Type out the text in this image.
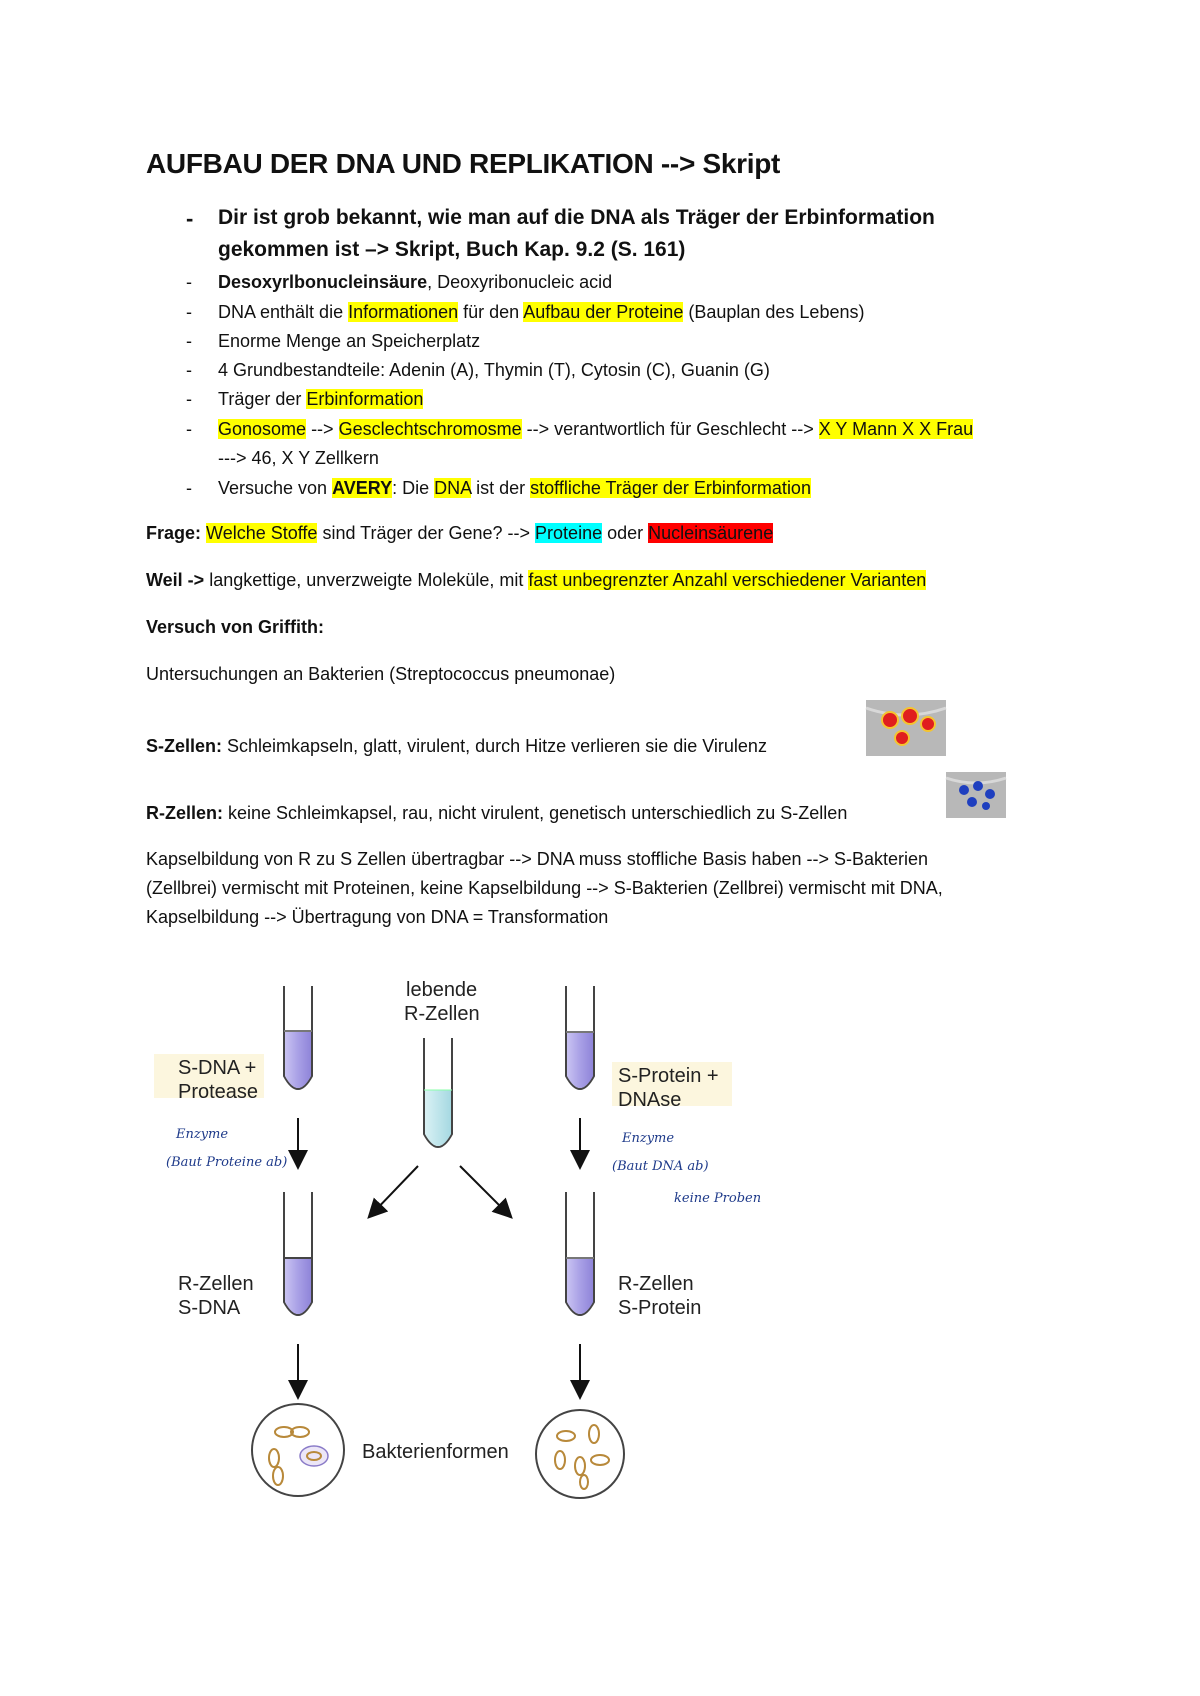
AUFBAU DER DNA UND REPLIKATION --> Skript
- Dir ist grob bekannt, wie man auf die DNA als Träger der Erbinformation
gekommen ist –> Skript, Buch Kap. 9.2 (S. 161)
- Desoxyrlbonucleinsäure, Deoxyribonucleic acid
- DNA enthält die Informationen für den Aufbau der Proteine (Bauplan des Lebens)
- Enorme Menge an Speicherplatz
- 4 Grundbestandteile: Adenin (A), Thymin (T), Cytosin (C), Guanin (G)
- Träger der Erbinformation
- Gonosome --> Gesclechtschromosme --> verantwortlich für Geschlecht --> X Y Mann X X Frau
---> 46, X Y Zellkern
- Versuche von AVERY: Die DNA ist der stoffliche Träger der Erbinformation
Frage: Welche Stoffe sind Träger der Gene? --> Proteine oder Nucleinsäurene
Weil -> langkettige, unverzweigte Moleküle, mit fast unbegrenzter Anzahl verschiedener Varianten
Versuch von Griffith:
Untersuchungen an Bakterien (Streptococcus pneumonae)
S-Zellen: Schleimkapseln, glatt, virulent, durch Hitze verlieren sie die Virulenz
R-Zellen: keine Schleimkapsel, rau, nicht virulent, genetisch unterschiedlich zu S-Zellen
Kapselbildung von R zu S Zellen übertragbar --> DNA muss stoffliche Basis haben --> S-Bakterien
(Zellbrei) vermischt mit Proteinen, keine Kapselbildung --> S-Bakterien (Zellbrei) vermischt mit DNA,
Kapselbildung --> Übertragung von DNA = Transformation
S-DNA +
Protease
Enzyme
(Baut Proteine ab)
lebende
R-Zellen
S-Protein +
DNAse
Enzyme
(Baut DNA ab)
keine Proben
R-Zellen
S-DNA
R-Zellen
S-Protein
Bakterienformen
